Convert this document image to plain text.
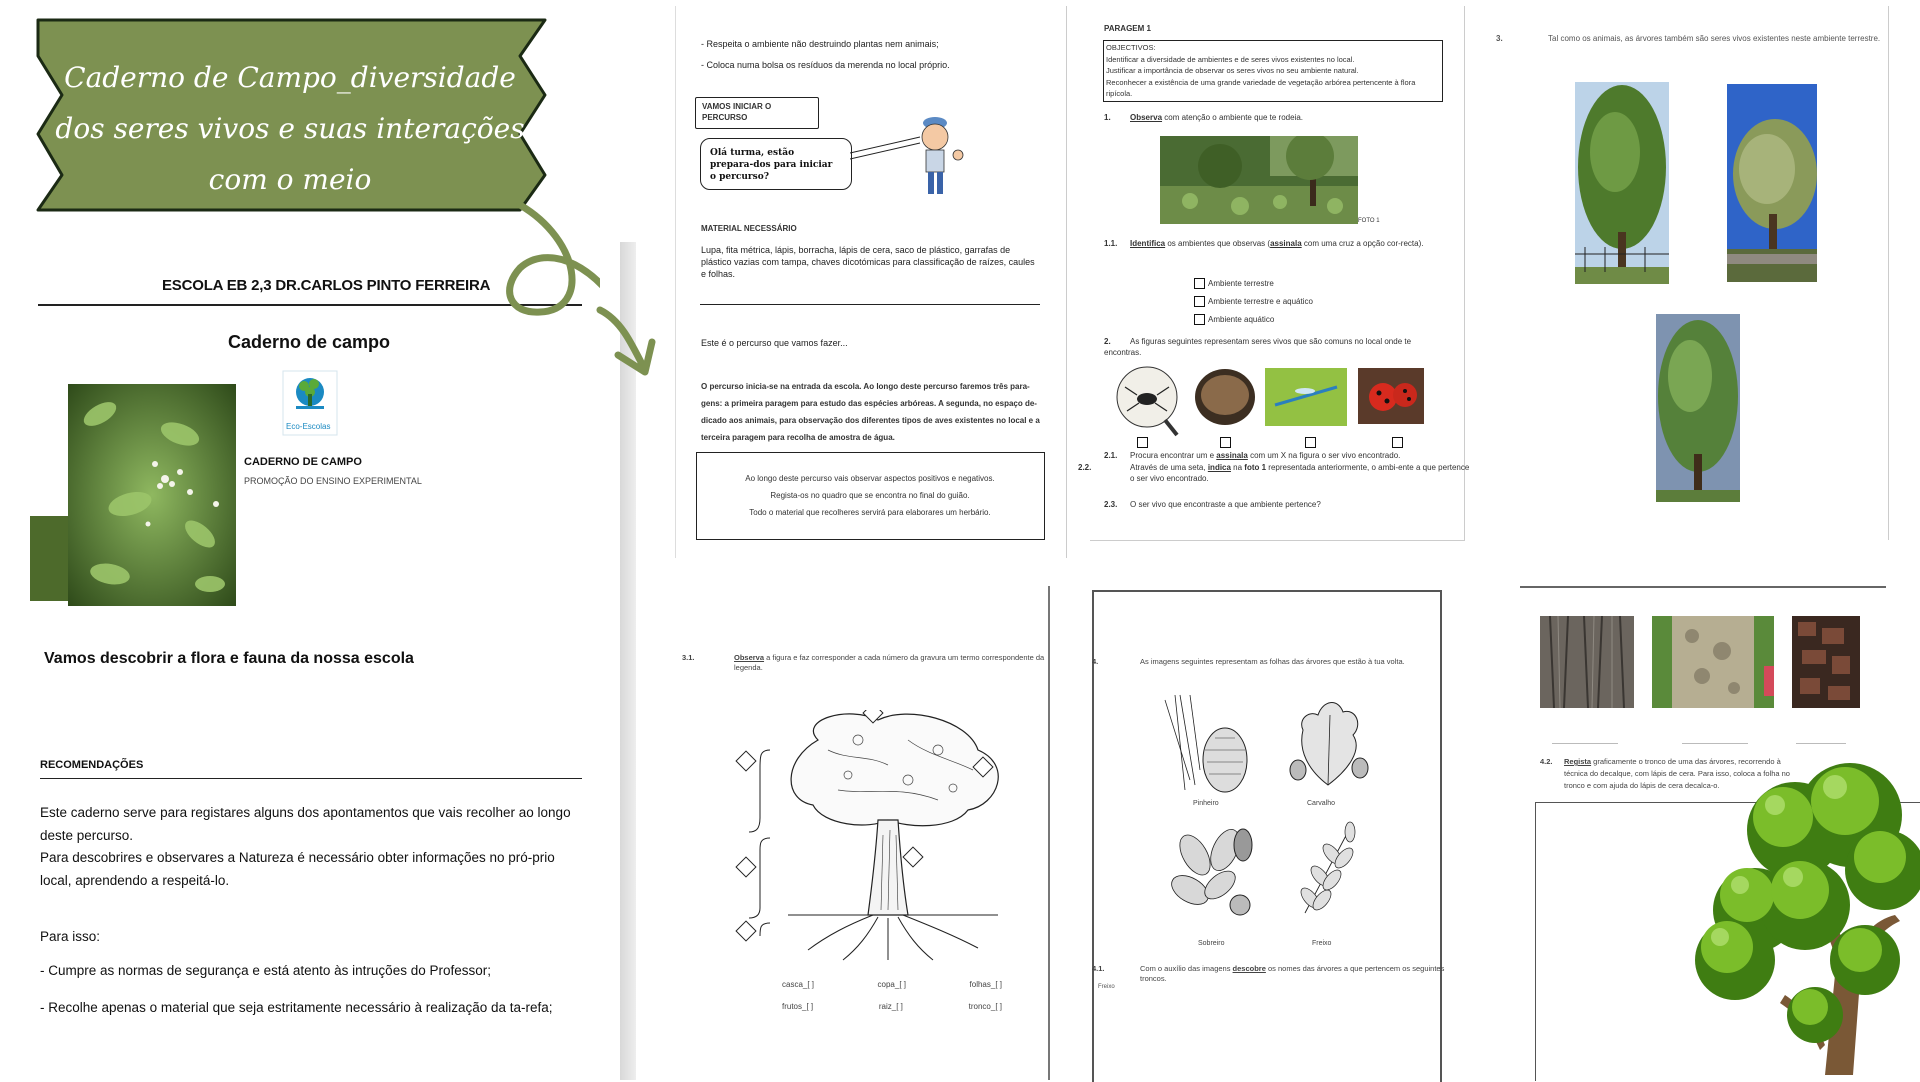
ESCOLA EB 2,3 DR.CARLOS PINTO FERREIRA
Caderno de campo
Eco-Escolas
CADERNO DE CAMPO
PROMOÇÃO DO ENSINO EXPERIMENTAL
Vamos descobrir a flora e fauna da nossa escola
RECOMENDAÇÕES
Este caderno serve para registares alguns dos apontamentos que vais recolher ao longo deste percurso.
Para descobrires e observares a Natureza é necessário obter informações no pró-prio local, aprendendo a respeitá-lo.
Para isso:
- Cumpre as normas de segurança e está atento às intruções do Professor;
- Recolhe apenas o material que seja estritamente necessário à realização da ta-refa;
Caderno de Campo_diversidade
dos seres vivos e suas interações
com o meio
- Respeita o ambiente não destruindo plantas nem animais;
- Coloca numa bolsa os resíduos da merenda no local próprio.
VAMOS INICIAR O PERCURSO
Olá turma, estão prepara-dos para iniciar o percurso?
MATERIAL NECESSÁRIO
Lupa, fita métrica, lápis, borracha, lápis de cera, saco de plástico, garrafas de plástico vazias com tampa, chaves dicotómicas para classificação de raízes, caules e folhas.
Este é o percurso que vamos fazer...
O percurso inicia-se na entrada da escola. Ao longo deste percurso faremos três para-gens: a primeira paragem para estudo das espécies arbóreas. A segunda, no espaço de-dicado aos animais, para observação dos diferentes tipos de aves existentes no local e a terceira paragem para recolha de amostra de água.
Ao longo deste percurso vais observar aspectos positivos e negativos.
Regista-os no quadro que se encontra no final do guião.
Todo o material que recolheres servirá para elaborares um herbário.
PARAGEM 1
OBJECTIVOS:
Identificar a diversidade de ambientes e de seres vivos existentes no local.
Justificar a importância de observar os seres vivos no seu ambiente natural.
Reconhecer a existência de uma grande variedade de vegetação arbórea pertencente à flora ripícola.
1. Observa com atenção o ambiente que te rodeia.
FOTO 1
1.1. Identifica os ambientes que observas (assinala com uma cruz a opção cor-recta).
Ambiente terrestre
Ambiente terrestre e aquático
Ambiente aquático
2. As figuras seguintes representam seres vivos que são comuns no local onde te encontras.
2.1. Procura encontrar um e assinala com um X na figura o ser vivo encontrado.
2.2.	Através de uma seta, indica na foto 1 representada anteriormente, o ambi-ente a que pertence o ser vivo encontrado.
2.3. O ser vivo que encontraste a que ambiente pertence?
3.	Tal como os animais, as árvores também são seres vivos existentes neste ambiente terrestre.
3.1.	Observa a figura e faz corresponder a cada número da gravura um termo correspondente da legenda.
casca_[ ]	copa_[ ]	folhas_[ ]
frutos_[ ]	raiz_[ ]	tronco_[ ]
4.	As imagens seguintes representam as folhas das árvores que estão à tua volta.
Pinheiro	Carvalho
Sobreiro	Freixo
4.1.	Com o auxílio das imagens descobre os nomes das árvores a que pertencem os seguintes troncos.
Freixo
4.2. Regista graficamente o tronco de uma das árvores, recorrendo à
técnica do decalque, com lápis de cera. Para isso, coloca a folha no
tronco e com ajuda do lápis de cera decalca-o.
